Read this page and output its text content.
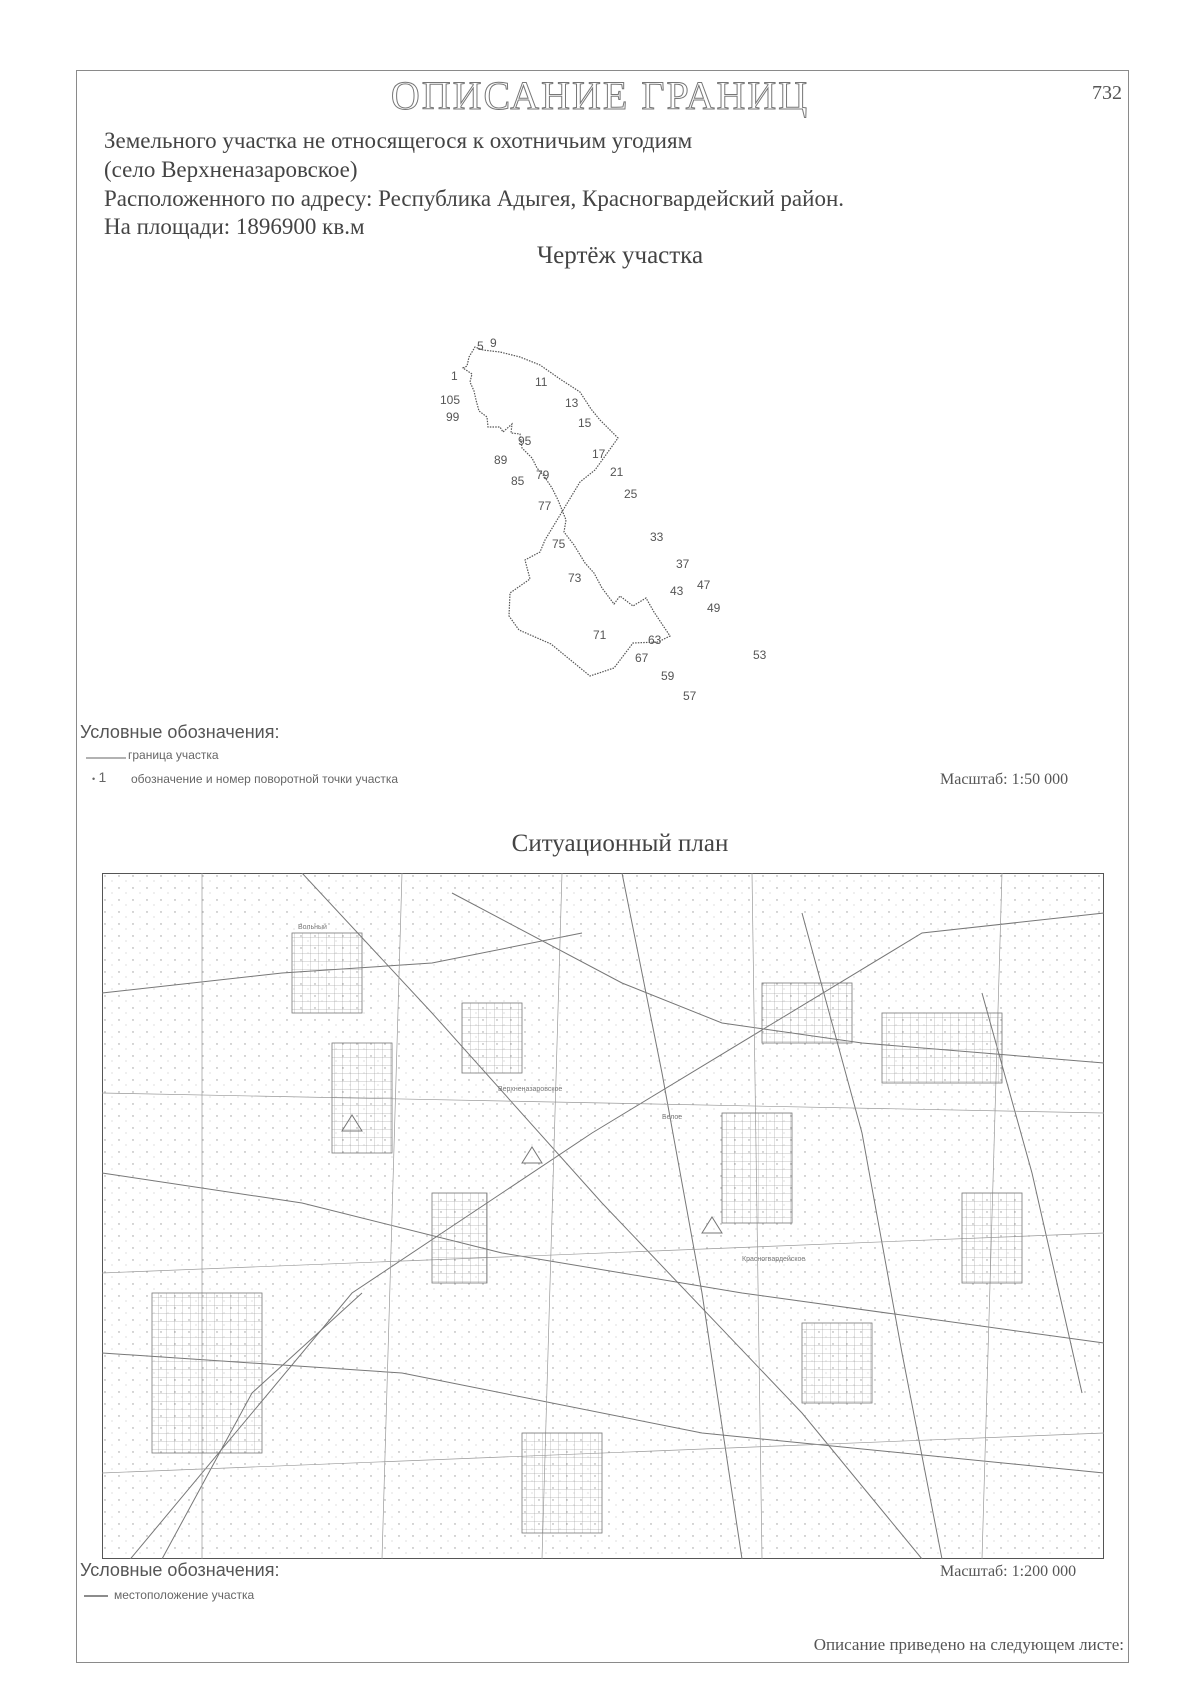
ОПИСАНИЕ ГРАНИЦ	732
Земельного участка не относящегося к охотничьим угодиям
(село Верхненазаровское)
Расположенного по адресу: Республика Адыгея, Красногвардейский район.
На площади: 1896900 кв.м
Чертёж участка
5 9
1	11
105	13
99	15
95
17
89
21
85 79
77
25
33
75
37
73
43 47
49
71	63
67	53
59
57
Условные обозначения:
граница участка
• 1 обозначение и номер поворотной точки участка	Масштаб: 1:50 000
Ситуационный план
Вольный
Верхненазаровское
Белое
Красногвардейское
Условные обозначения:
местоположение участка
Масштаб: 1:200 000
Описание приведено на следующем листе:
